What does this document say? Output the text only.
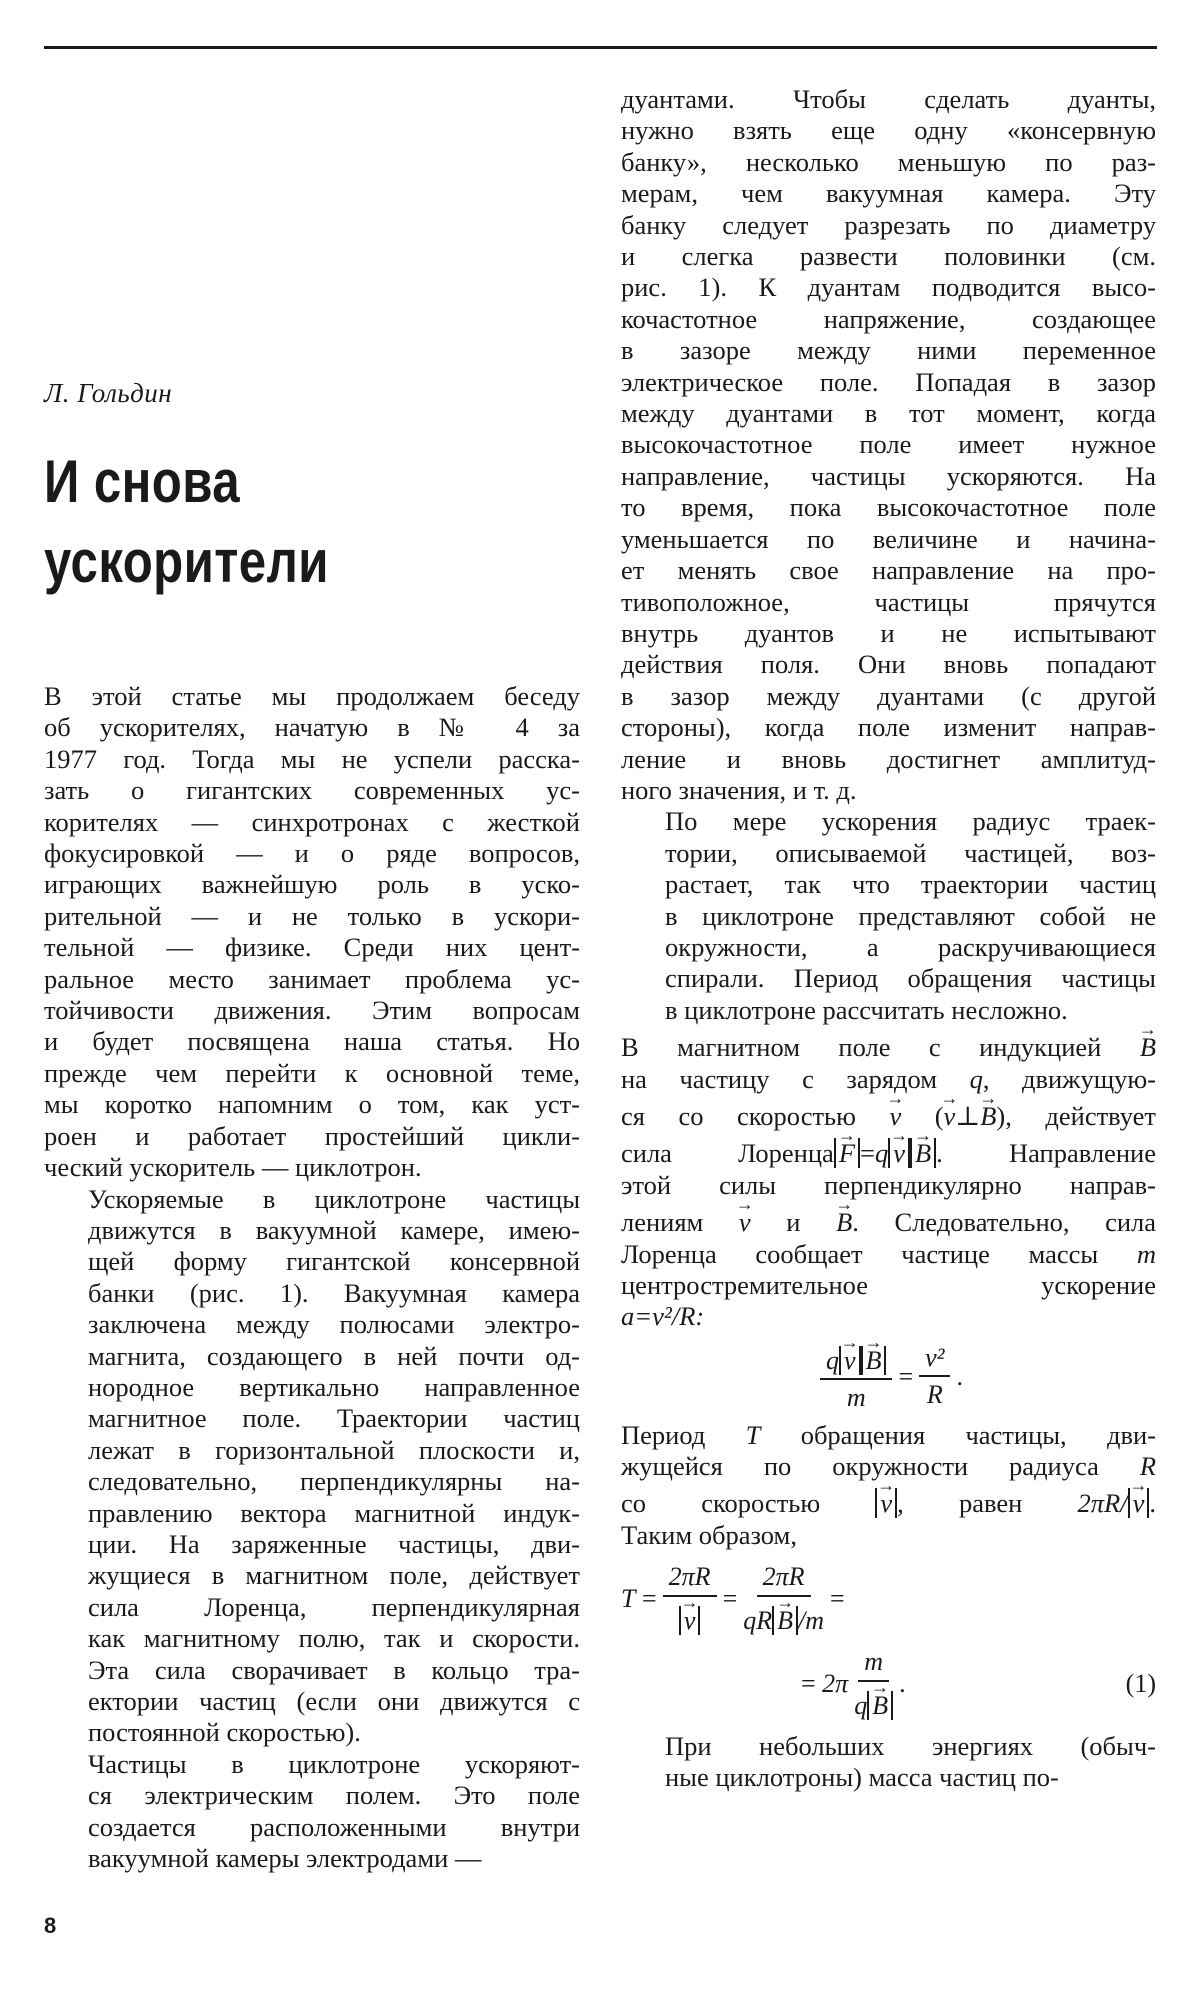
Л. Гольдин
И снова
ускорители

В этой статье мы продолжаем беседу
об ускорителях, начатую в № 4 за
1977 год. Тогда мы не успели расска-
зать о гигантских современных ус-
корителях — синхротронах с жесткой
фокусировкой — и о ряде вопросов,
играющих важнейшую роль в уско-
рительной — и не только в ускори-
тельной — физике. Среди них цент-
ральное место занимает проблема ус-
тойчивости движения. Этим вопросам
и будет посвящена наша статья. Но
прежде чем перейти к основной теме,
мы коротко напомним о том, как уст-
роен и работает простейший цикли-
ческий ускоритель — циклотрон.

Ускоряемые в циклотроне частицы
движутся в вакуумной камере, имею-
щей форму гигантской консервной
банки (рис. 1). Вакуумная камера
заключена между полюсами электро-
магнита, создающего в ней почти од-
нородное вертикально направленное
магнитное поле. Траектории частиц
лежат в горизонтальной плоскости и,
следовательно, перпендикулярны на-
правлению вектора магнитной индук-
ции. На заряженные частицы, дви-
жущиеся в магнитном поле, действует
сила Лоренца, перпендикулярная
как магнитному полю, так и скорости.
Эта сила сворачивает в кольцо тра-
ектории частиц (если они движутся с
постоянной скоростью).

Частицы в циклотроне ускоряют-
ся электрическим полем. Это поле
создается расположенными внутри
вакуумной камеры электродами —

дуантами. Чтобы сделать дуанты,
нужно взять еще одну «консервную
банку», несколько меньшую по раз-
мерам, чем вакуумная камера. Эту
банку следует разрезать по диаметру
и слегка развести половинки (см.
рис. 1). К дуантам подводится высо-
кочастотное напряжение, создающее
в зазоре между ними переменное
электрическое поле. Попадая в зазор
между дуантами в тот момент, когда
высокочастотное поле имеет нужное
направление, частицы ускоряются. На
то время, пока высокочастотное поле
уменьшается по величине и начина-
ет менять свое направление на про-
тивоположное, частицы прячутся
внутрь дуантов и не испытывают
действия поля. Они вновь попадают
в зазор между дуантами (с другой
стороны), когда поле изменит направ-
ление и вновь достигнет амплитуд-
ного значения, и т. д.

По мере ускорения радиус траек-
тории, описываемой частицей, воз-
растает, так что траектории частиц
в циклотроне представляют собой не
окружности, а раскручивающиеся
спирали. Период обращения частицы
в циклотроне рассчитать несложно.

В магнитном поле с индукцией → B
на частицу с зарядом q, движущую-
ся со скоростью → v (→ v⊥→ B), действует
сила Лоренца → F =q → v → B . Направление
этой силы перпендикулярно направ-
лениям → v и → B. Следовательно, сила
Лоренца сообщает частице массы m
центростремительное ускорение
a=v²/R:

$\frac{q \to v \to B}{m} = \frac{\text{v²}}{R}$ .

Период T обращения частицы, дви-
жущейся по окружности радиуса R
со скоростью → v , равен 2πR/ → v .
Таким образом,

T
= 2πR
→ $v = \frac{2\pi R}{qR \to B /m}$ =
=
$2\pi \frac{m}{q \to B}$ .	(1)

При небольших энергиях (обыч-
ные циклотроны) масса частиц по-

8
